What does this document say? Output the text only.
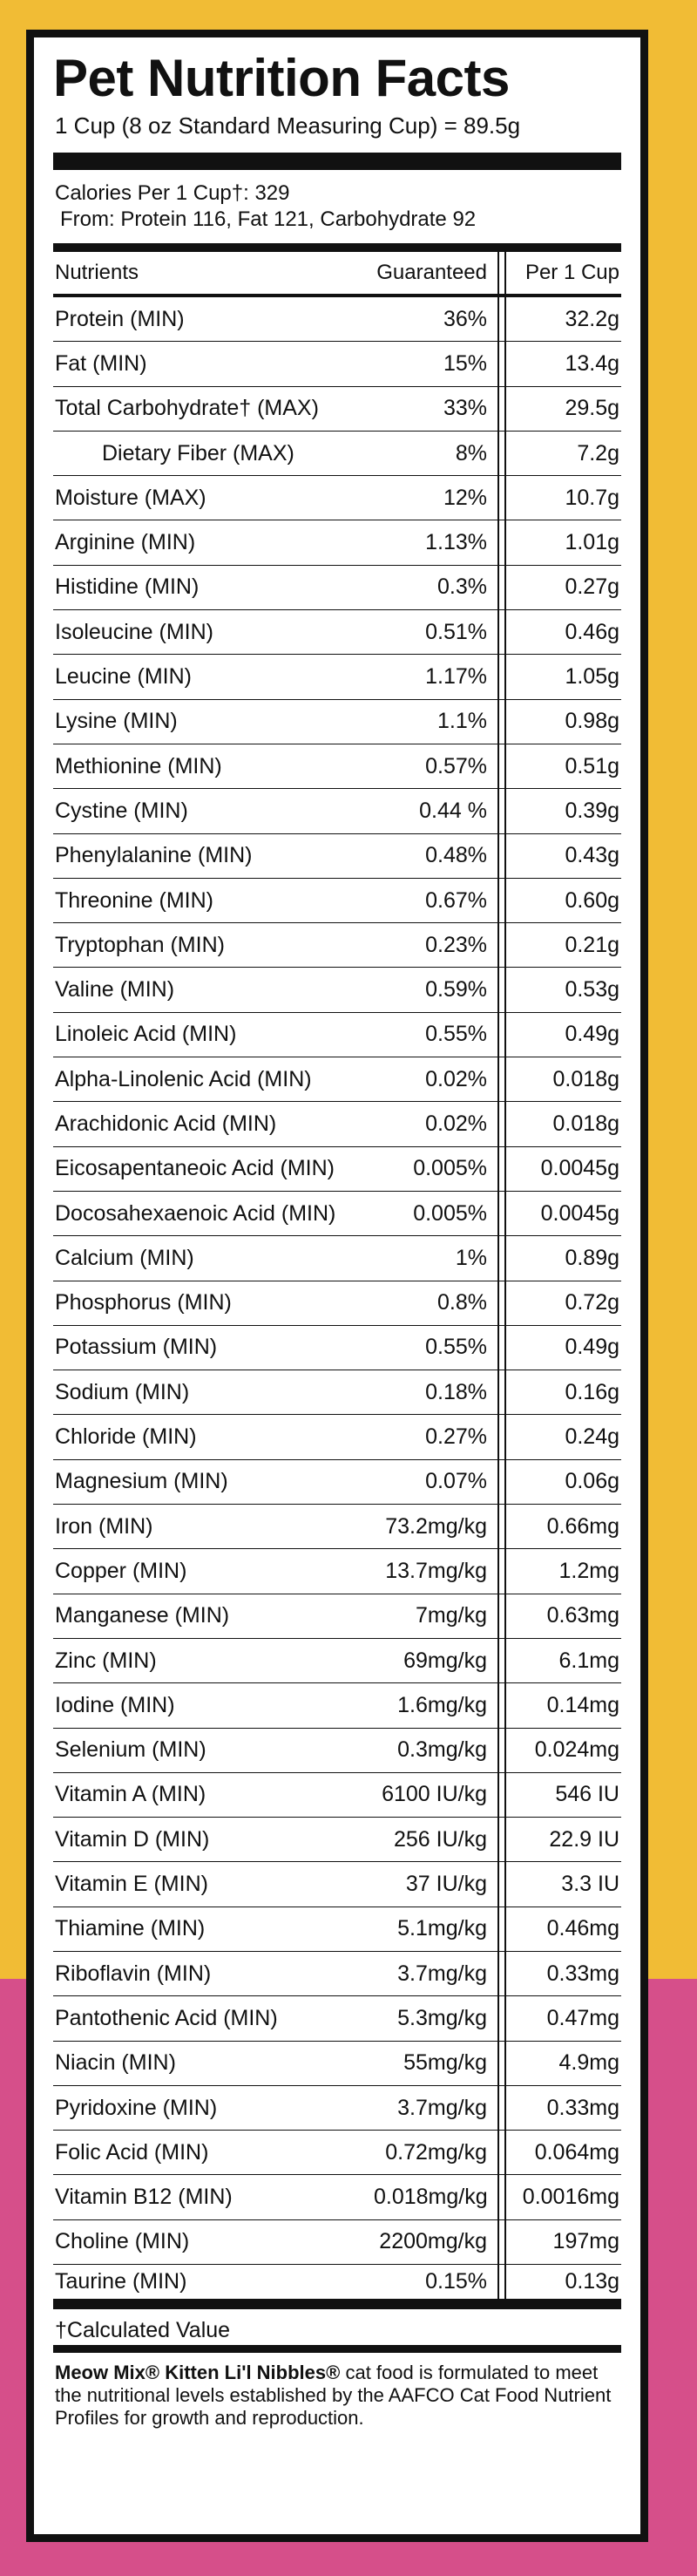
Pet Nutrition Facts
1 Cup (8 oz Standard Measuring Cup) = 89.5g
Calories Per 1 Cup†: 329
From: Protein 116, Fat 121, Carbohydrate 92
Nutrients	Guaranteed	Per 1 Cup
Protein (MIN)	36%	32.2g
Fat (MIN)	15%	13.4g
Total Carbohydrate† (MAX)	33%	29.5g
Dietary Fiber (MAX)	8%	7.2g
Moisture (MAX)	12%	10.7g
Arginine (MIN)	1.13%	1.01g
Histidine (MIN)	0.3%	0.27g
Isoleucine (MIN)	0.51%	0.46g
Leucine (MIN)	1.17%	1.05g
Lysine (MIN)	1.1%	0.98g
Methionine (MIN)	0.57%	0.51g
Cystine (MIN)	0.44 %	0.39g
Phenylalanine (MIN)	0.48%	0.43g
Threonine (MIN)	0.67%	0.60g
Tryptophan (MIN)	0.23%	0.21g
Valine (MIN)	0.59%	0.53g
Linoleic Acid (MIN)	0.55%	0.49g
Alpha-Linolenic Acid (MIN)	0.02%	0.018g
Arachidonic Acid (MIN)	0.02%	0.018g
Eicosapentaneoic Acid (MIN)	0.005%	0.0045g
Docosahexaenoic Acid (MIN)	0.005%	0.0045g
Calcium (MIN)	1%	0.89g
Phosphorus (MIN)	0.8%	0.72g
Potassium (MIN)	0.55%	0.49g
Sodium (MIN)	0.18%	0.16g
Chloride (MIN)	0.27%	0.24g
Magnesium (MIN)	0.07%	0.06g
Iron (MIN)	73.2mg/kg	0.66mg
Copper (MIN)	13.7mg/kg	1.2mg
Manganese (MIN)	7mg/kg	0.63mg
Zinc (MIN)	69mg/kg	6.1mg
Iodine (MIN)	1.6mg/kg	0.14mg
Selenium (MIN)	0.3mg/kg	0.024mg
Vitamin A (MIN)	6100 IU/kg	546 IU
Vitamin D (MIN)	256 IU/kg	22.9 IU
Vitamin E (MIN)	37 IU/kg	3.3 IU
Thiamine (MIN)	5.1mg/kg	0.46mg
Riboflavin (MIN)	3.7mg/kg	0.33mg
Pantothenic Acid (MIN)	5.3mg/kg	0.47mg
Niacin (MIN)	55mg/kg	4.9mg
Pyridoxine (MIN)	3.7mg/kg	0.33mg
Folic Acid (MIN)	0.72mg/kg	0.064mg
Vitamin B12 (MIN)	0.018mg/kg	0.0016mg
Choline (MIN)	2200mg/kg	197mg
Taurine (MIN)	0.15%	0.13g
†Calculated Value
Meow Mix® Kitten Li'l Nibbles® cat food is formulated to meet the nutritional levels established by the AAFCO Cat Food Nutrient Profiles for growth and reproduction.
